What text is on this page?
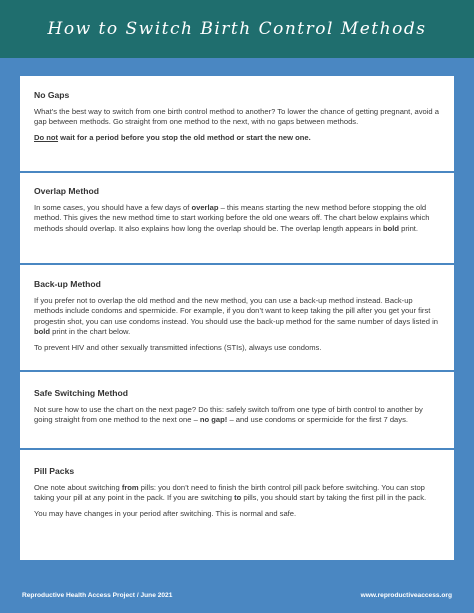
How to Switch Birth Control Methods
No Gaps

What’s the best way to switch from one birth control method to another? To lower the chance of getting pregnant, avoid a gap between methods. Go straight from one method to the next, with no gaps between methods.

Do not wait for a period before you stop the old method or start the new one.

Overlap Method

In some cases, you should have a few days of overlap – this means starting the new method before stopping the old method. This gives the new method time to start working before the old one wears off. The chart below explains which methods should overlap. It also explains how long the overlap should be. The overlap length appears in bold print.

Back-up Method

If you prefer not to overlap the old method and the new method, you can use a back-up method instead. Back-up methods include condoms and spermicide. For example, if you don’t want to keep taking the pill after you get your first progestin shot, you can use condoms instead. You should use the back-up method for the same number of days listed in bold print in the chart below.

To prevent HIV and other sexually transmitted infections (STIs), always use condoms.

Safe Switching Method

Not sure how to use the chart on the next page? Do this: safely switch to/from one type of birth control to another by going straight from one method to the next one – no gap! – and use condoms or spermicide for the first 7 days.

Pill Packs

One note about switching from pills: you don’t need to finish the birth control pill pack before switching. You can stop taking your pill at any point in the pack. If you are switching to pills, you should start by taking the first pill in the pack.

You may have changes in your period after switching. This is normal and safe.

Reproductive Health Access Project / June 2021	www.reproductiveaccess.org
